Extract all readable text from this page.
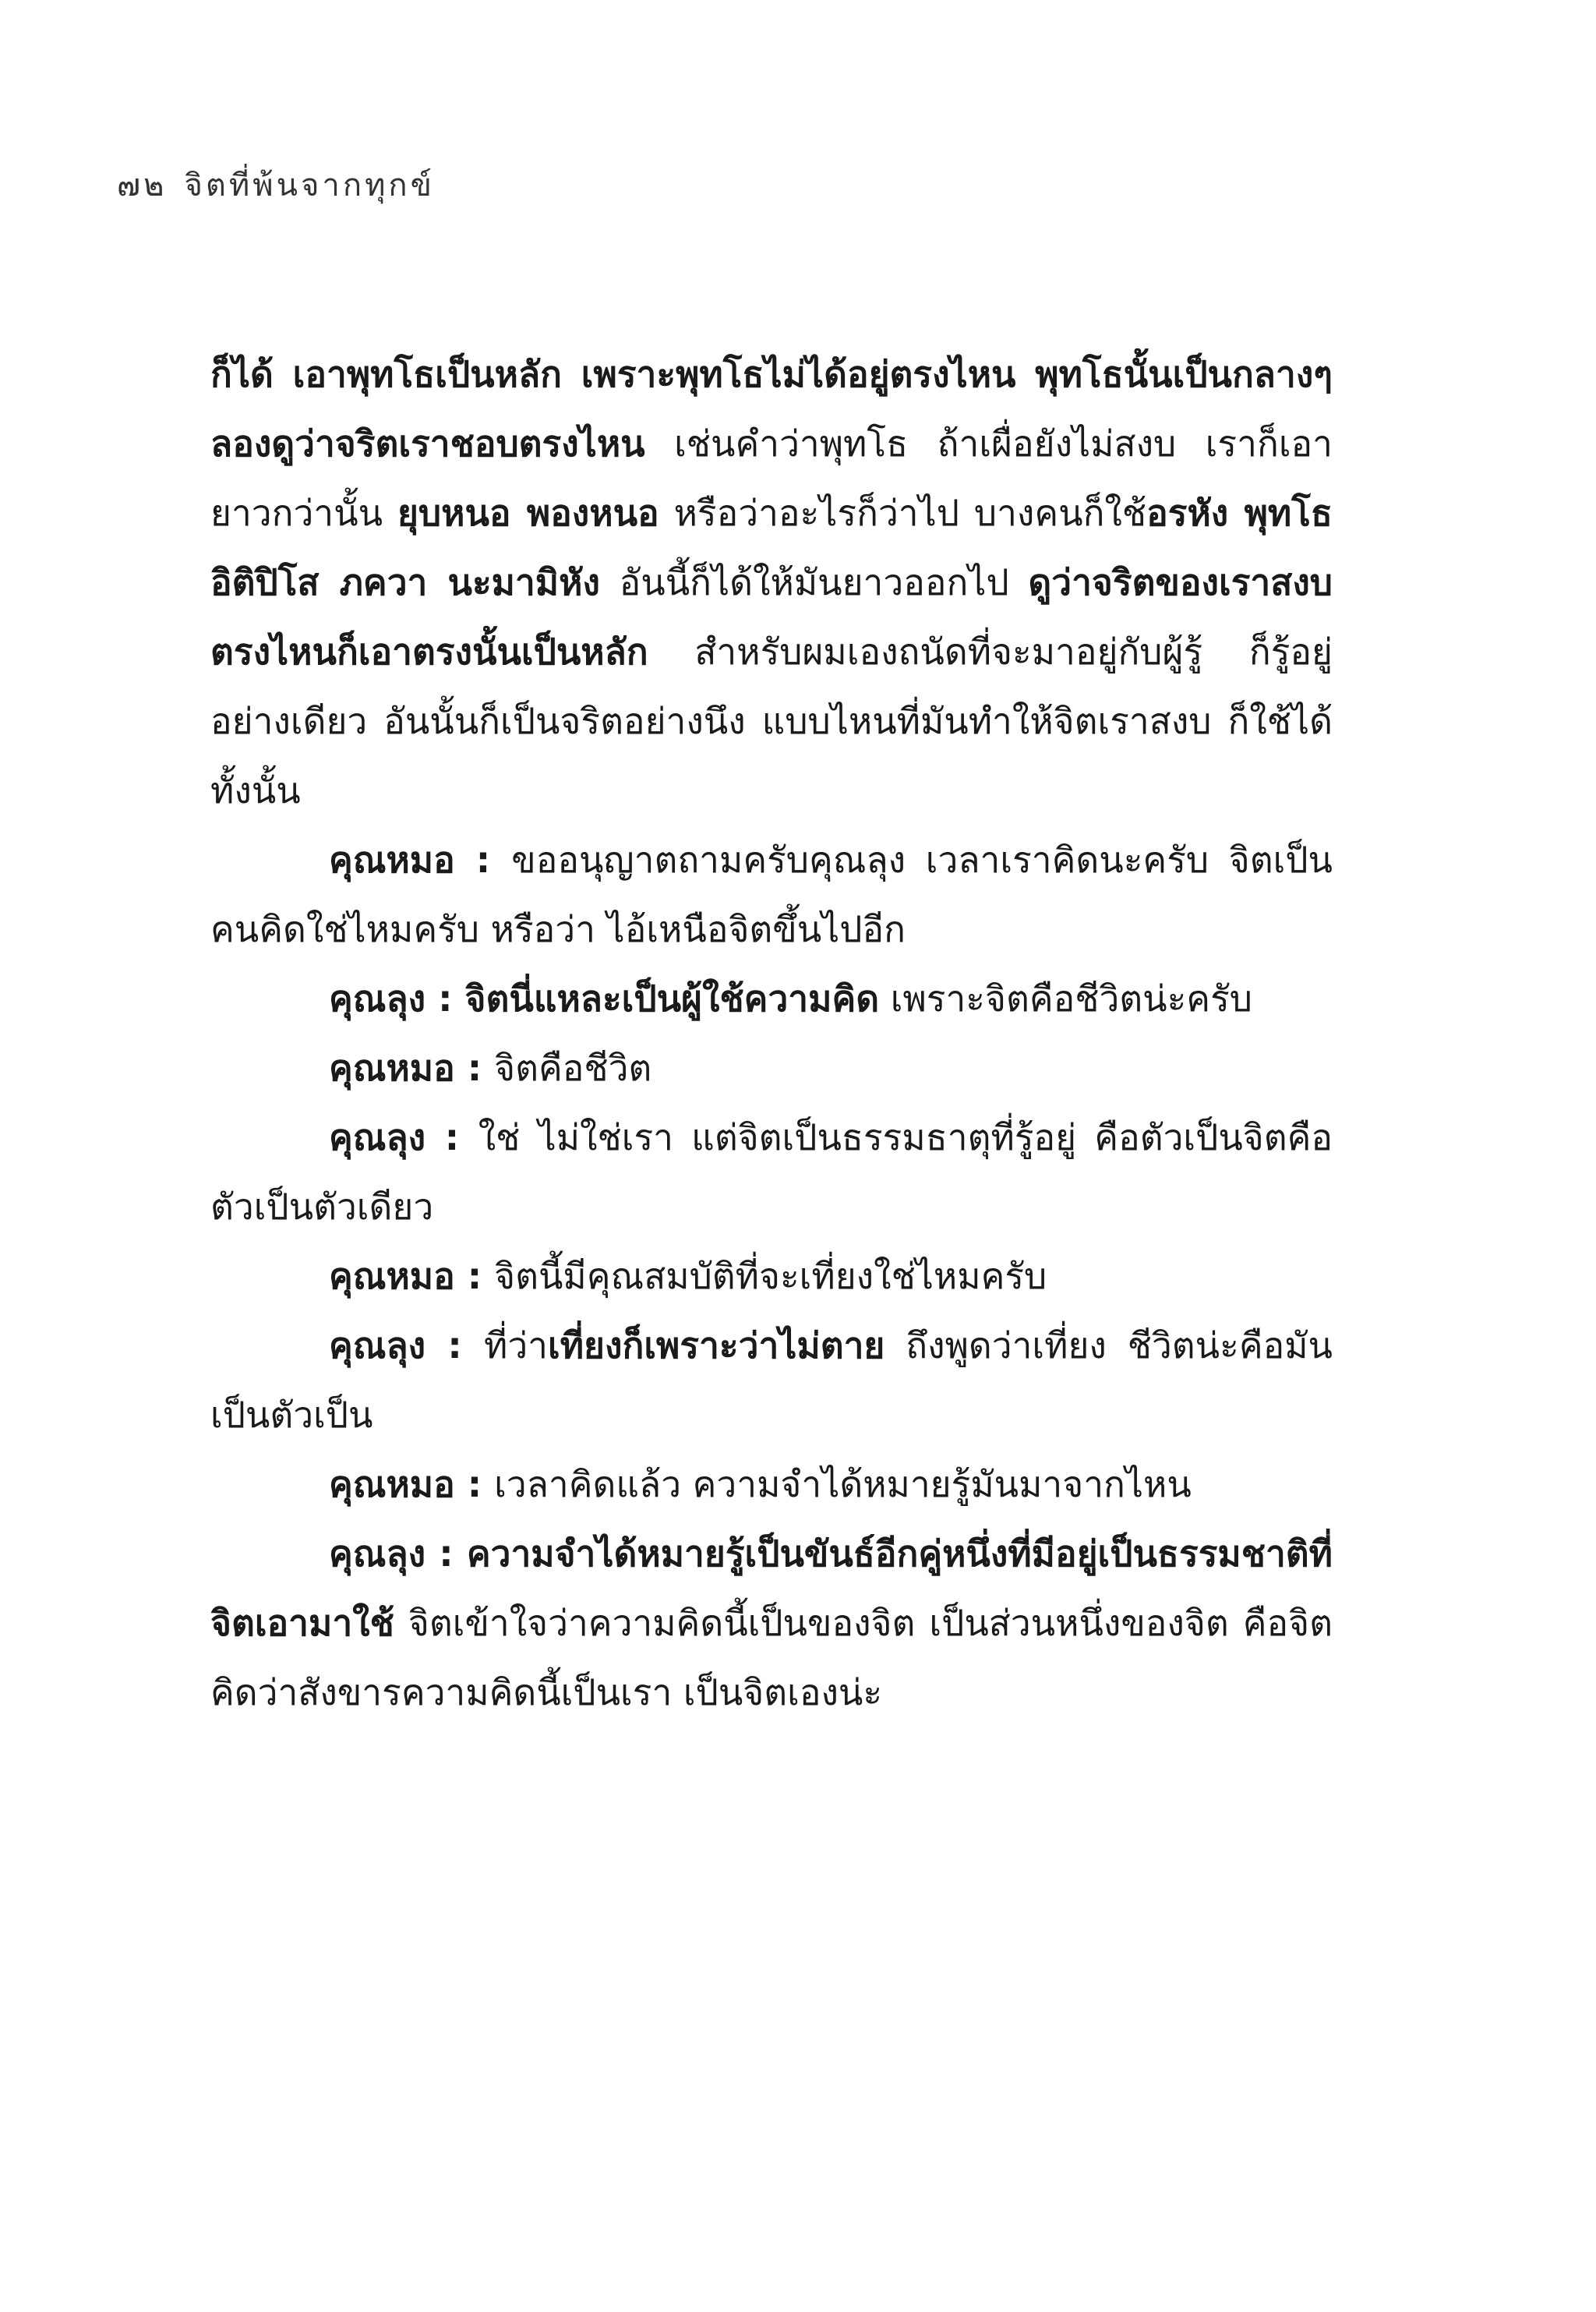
๗๒ จิตที่พ้นจากทุกข์

ก็ได้ เอาพุทโธเป็นหลัก เพราะพุทโธไม่ได้อยู่ตรงไหน พุทโธนั้นเป็นกลางๆ ลองดูว่าจริตเราชอบตรงไหน เช่นคำว่าพุทโธ ถ้าเผื่อยังไม่สงบ เราก็เอายาวกว่านั้น ยุบหนอ พองหนอ หรือว่าอะไรก็ว่าไป บางคนก็ใช้อรหัง พุทโธ อิติปิโส ภควา นะมามิหัง อันนี้ก็ได้ให้มันยาวออกไป ดูว่าจริตของเราสงบตรงไหนก็เอาตรงนั้นเป็นหลัก สำหรับผมเองถนัดที่จะมาอยู่กับผู้รู้ ก็รู้อยู่อย่างเดียว อันนั้นก็เป็นจริตอย่างนึง แบบไหนที่มันทำให้จิตเราสงบ ก็ใช้ได้ทั้งนั้น

คุณหมอ : ขออนุญาตถามครับคุณลุง เวลาเราคิดนะครับ จิตเป็นคนคิดใช่ไหมครับ หรือว่า ไอ้เหนือจิตขึ้นไปอีก

คุณลุง : จิตนี่แหละเป็นผู้ใช้ความคิด เพราะจิตคือชีวิตน่ะครับ

คุณหมอ : จิตคือชีวิต

คุณลุง : ใช่ ไม่ใช่เรา แต่จิตเป็นธรรมธาตุที่รู้อยู่ คือตัวเป็นจิตคือตัวเป็นตัวเดียว

คุณหมอ : จิตนี้มีคุณสมบัติที่จะเที่ยงใช่ไหมครับ

คุณลุง : ที่ว่าเที่ยงก็เพราะว่าไม่ตาย ถึงพูดว่าเที่ยง ชีวิตน่ะคือมันเป็นตัวเป็น

คุณหมอ : เวลาคิดแล้ว ความจำได้หมายรู้มันมาจากไหน

คุณลุง : ความจำได้หมายรู้เป็นขันธ์อีกคู่หนึ่งที่มีอยู่เป็นธรรมชาติที่จิตเอามาใช้ จิตเข้าใจว่าความคิดนี้เป็นของจิต เป็นส่วนหนึ่งของจิต คือจิตคิดว่าสังขารความคิดนี้เป็นเรา เป็นจิตเองน่ะ
